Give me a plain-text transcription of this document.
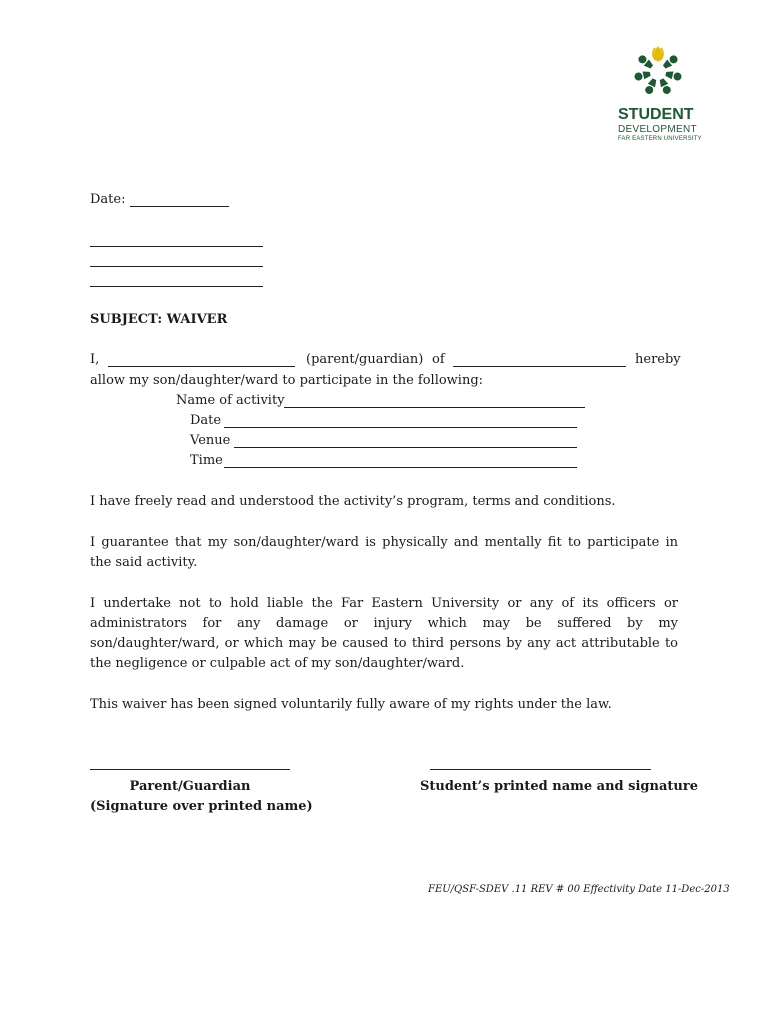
STUDENT
DEVELOPMENT
FAR EASTERN UNIVERSITY
Date:
SUBJECT: WAIVER
I,	(parent/guardian) of	hereby
allow my son/daughter/ward to participate in the following:
Name of activity
Date
Venue
Time
I have freely read and understood the activity’s program, terms and conditions.
I guarantee that my son/daughter/ward is physically and mentally fit to participate in the said activity.
I undertake not to hold liable the Far Eastern University or any of its officers or administrators for any damage or injury which may be suffered by my son/daughter/ward, or which may be caused to third persons by any act attributable to the negligence or culpable act of my son/daughter/ward.
This waiver has been signed voluntarily fully aware of my rights under the law.
Parent/Guardian
(Signature over printed name)
Student’s printed name and signature
FEU/QSF-SDEV .11 REV # 00 Effectivity Date 11-Dec-2013
